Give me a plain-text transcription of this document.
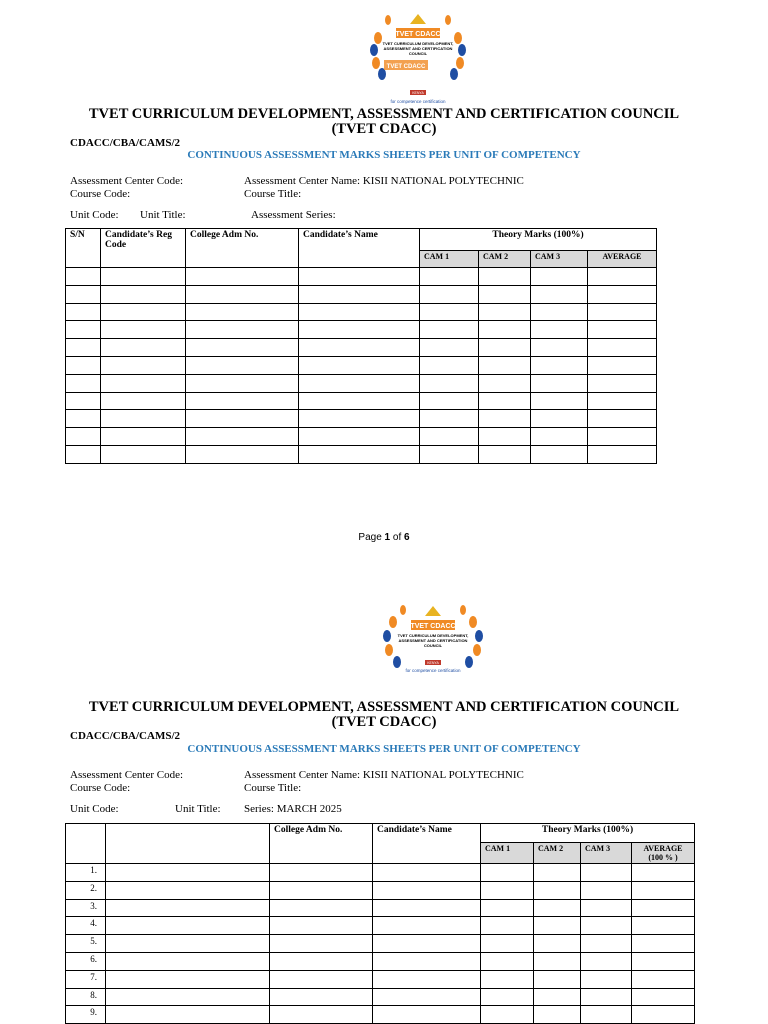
TVET CDACC
TVET CURRICULUM DEVELOPMENT,
ASSESSMENT AND CERTIFICATION
COUNCIL
TVET CDACC
KENYA
for competence certification
TVET CURRICULUM DEVELOPMENT, ASSESSMENT AND CERTIFICATION COUNCIL
(TVET CDACC)
CDACC/CBA/CAMS/2
CONTINUOUS ASSESSMENT MARKS SHEETS PER UNIT OF COMPETENCY
Assessment Center Code:	Assessment Center Name: KISII NATIONAL POLYTECHNIC
Course Code:	Course Title:
Unit Code: Unit Title:	Assessment Series:
S/N	Candidate’s Reg Code	College Adm No.	Candidate’s Name	Theory Marks (100%)			
				CAM 1	CAM 2	CAM 3	AVERAGE

Page 1 of 6
TVET CDACC
TVET CURRICULUM DEVELOPMENT,
ASSESSMENT AND CERTIFICATION
COUNCIL
KENYA
for competence certification
TVET CURRICULUM DEVELOPMENT, ASSESSMENT AND CERTIFICATION COUNCIL
(TVET CDACC)
CDACC/CBA/CAMS/2
CONTINUOUS ASSESSMENT MARKS SHEETS PER UNIT OF COMPETENCY
Assessment Center Code:	Assessment Center Name: KISII NATIONAL POLYTECHNIC
Course Code:	Course Title:
Unit Code:	Unit Title: Series: MARCH 2025
		College Adm No.	Candidate’s Name	Theory Marks (100%)			
				CAM 1	CAM 2	CAM 3	AVERAGE (100 % )
1.							
2.							
3.							
4.							
5.							
6.							
7.							
8.							
9.							
